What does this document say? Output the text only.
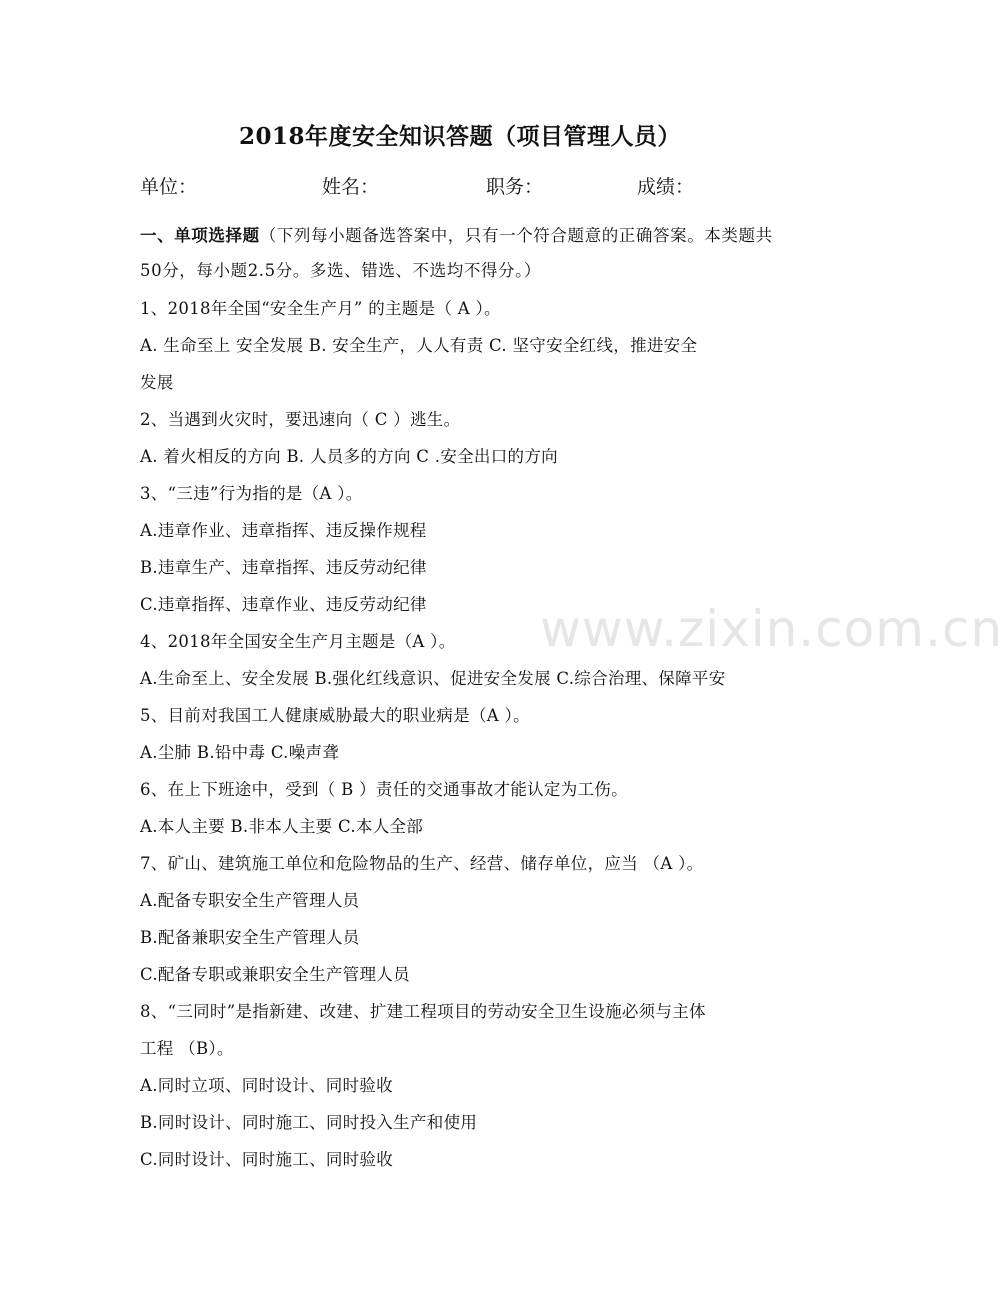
2018年度安全知识答题（项目管理人员）
单位：	姓名：	职务：	成绩：
一、单项选择题（下列每小题备选答案中，只有一个符合题意的正确答案。本类题共50分，每小题2.5分。多选、错选、不选均不得分。）
1、2018年全国“安全生产月” 的主题是（ A ）。
A. 生命至上 安全发展 B. 安全生产，人人有责 C. 坚守安全红线，推进安全
发展
2、当遇到火灾时，要迅速向（ C ）逃生。
A. 着火相反的方向 B. 人员多的方向 C .安全出口的方向
3、“三违”行为指的是（A ）。
A.违章作业、违章指挥、违反操作规程
B.违章生产、违章指挥、违反劳动纪律
C.违章指挥、违章作业、违反劳动纪律
4、2018年全国安全生产月主题是（A ）。
A.生命至上、安全发展 B.强化红线意识、促进安全发展 C.综合治理、保障平安
5、目前对我国工人健康威胁最大的职业病是（A ）。
A.尘肺 B.铅中毒 C.噪声聋
6、在上下班途中，受到（ B ）责任的交通事故才能认定为工伤。
A.本人主要 B.非本人主要 C.本人全部
7、矿山、建筑施工单位和危险物品的生产、经营、储存单位，应当 （A ）。
A.配备专职安全生产管理人员
B.配备兼职安全生产管理人员
C.配备专职或兼职安全生产管理人员
8、“三同时”是指新建、改建、扩建工程项目的劳动安全卫生设施必须与主体
工程 （B）。
A.同时立项、同时设计、同时验收
B.同时设计、同时施工、同时投入生产和使用
C.同时设计、同时施工、同时验收
www.zixin.com.cn
